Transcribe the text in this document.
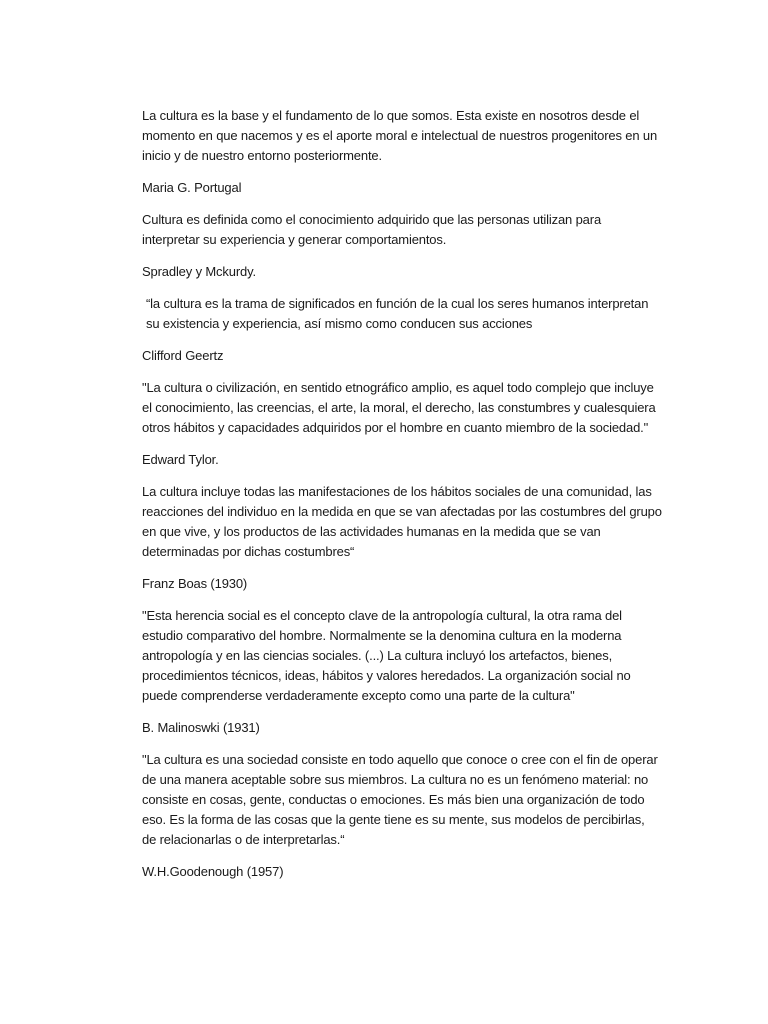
La cultura es la base y el fundamento de lo que somos. Esta existe en nosotros desde el momento en que nacemos y es el aporte moral e intelectual de nuestros progenitores en un inicio y de nuestro entorno posteriormente.

Maria G. Portugal

Cultura es definida como el conocimiento adquirido que las personas utilizan para interpretar su experiencia y generar comportamientos.

Spradley y Mckurdy.

“la cultura es la trama de significados en función de la cual los seres humanos interpretan su existencia y experiencia, así mismo como conducen sus acciones

Clifford Geertz

"La cultura o civilización, en sentido etnográfico amplio, es aquel todo complejo que incluye el conocimiento, las creencias, el arte, la moral, el derecho, las constumbres y cualesquiera otros hábitos y capacidades adquiridos por el hombre en cuanto miembro de la sociedad."

Edward Tylor.

La cultura incluye todas las manifestaciones de los hábitos sociales de una comunidad, las reacciones del individuo en la medida en que se van afectadas por las costumbres del grupo en que vive, y los productos de las actividades humanas en la medida que se van determinadas por dichas costumbres“

Franz Boas (1930)

"Esta herencia social es el concepto clave de la antropología cultural, la otra rama del estudio comparativo del hombre. Normalmente se la denomina cultura en la moderna antropología y en las ciencias sociales. (...) La cultura incluyó los artefactos, bienes, procedimientos técnicos, ideas, hábitos y valores heredados. La organización social no puede comprenderse verdaderamente excepto como una parte de la cultura"

B. Malinoswki (1931)

"La cultura es una sociedad consiste en todo aquello que conoce o cree con el fin de operar de una manera aceptable sobre sus miembros. La cultura no es un fenómeno material: no consiste en cosas, gente, conductas o emociones. Es más bien una organización de todo eso. Es la forma de las cosas que la gente tiene es su mente, sus modelos de percibirlas, de relacionarlas o de interpretarlas.“

W.H.Goodenough (1957)
